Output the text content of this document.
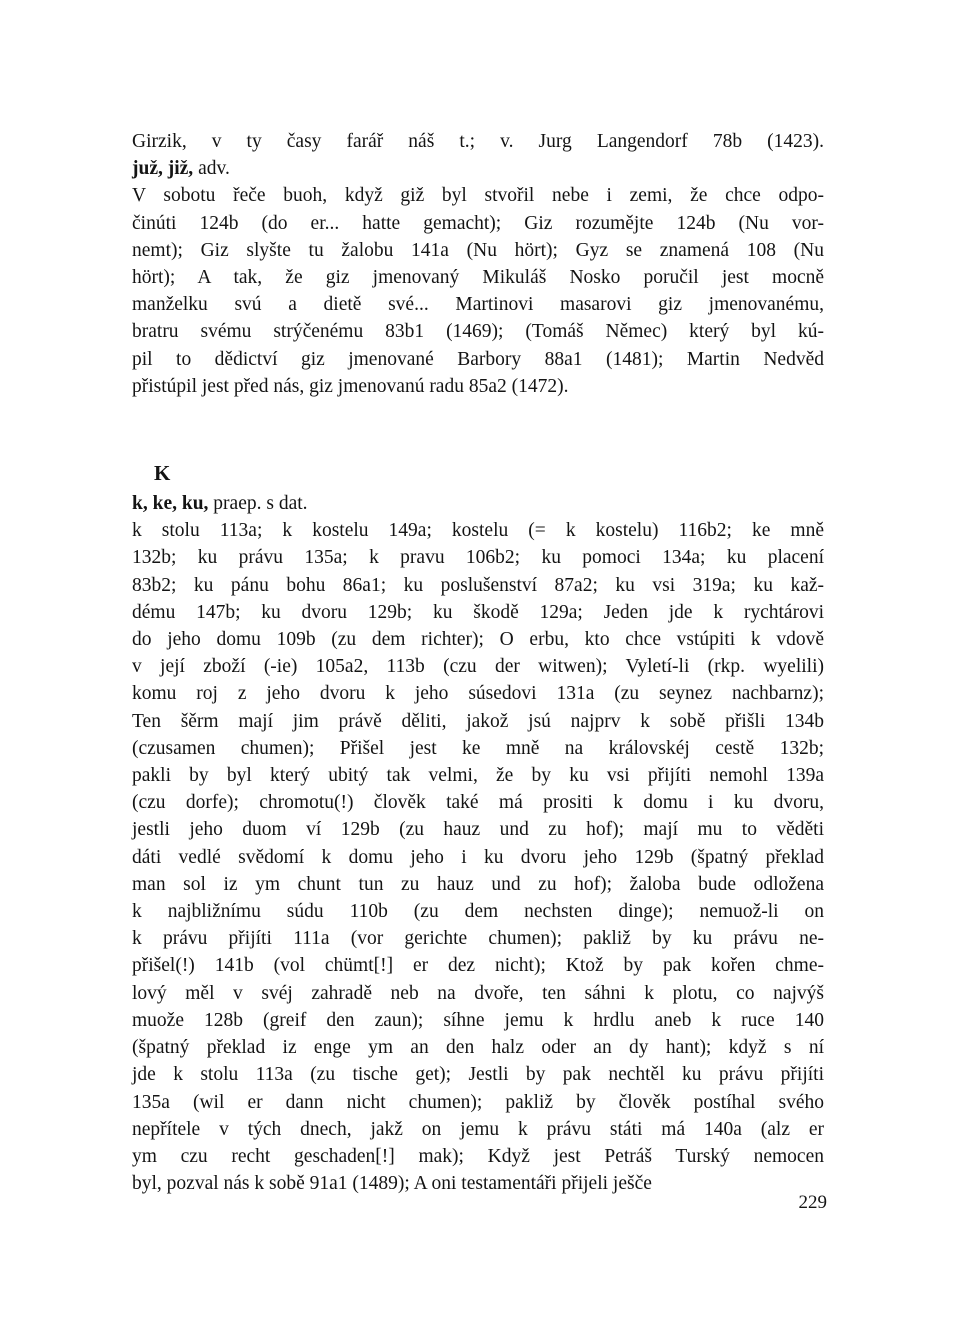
Girzik, v ty časy farář náš t.; v. Jurg Langendorf 78b (1423).

juž, již, adv.

V sobotu řeče buoh, když giž byl stvořil nebe i zemi, že chce odpo-

činúti 124b (do er... hatte gemacht); Giz rozumějte 124b (Nu vor-

nemt); Giz slyšte tu žalobu 141a (Nu hört); Gyz se znamená 108 (Nu

hört); A tak, že giz jmenovaný Mikuláš Nosko poručil jest mocně

manželku svú a dietě své... Martinovi masarovi giz jmenovanému,

bratru svému strýčenému 83b1 (1469); (Tomáš Němec) který byl kú-

pil to dědictví giz jmenované Barbory 88a1 (1481); Martin Nedvěd

přistúpil jest před nás, giz jmenovanú radu 85a2 (1472).

K

k, ke, ku, praep. s dat.

k stolu 113a; k kostelu 149a; kostelu (= k kostelu) 116b2; ke mně

132b; ku právu 135a; k pravu 106b2; ku pomoci 134a; ku placení

83b2; ku pánu bohu 86a1; ku poslušenství 87a2; ku vsi 319a; ku kaž-

dému 147b; ku dvoru 129b; ku škodě 129a; Jeden jde k rychtárovi

do jeho domu 109b (zu dem richter); O erbu, kto chce vstúpiti k vdově

v její zboží (-ie) 105a2, 113b (czu der witwen); Vyletí-li (rkp. wyelili)

komu roj z jeho dvoru k jeho súsedovi 131a (zu seynez nachbarnz);

Ten šěrm mají jim právě děliti, jakož jsú najprv k sobě přišli 134b

(czusamen chumen); Přišel jest ke mně na královskéj cestě 132b;

pakli by byl který ubitý tak velmi, že by ku vsi přijíti nemohl 139a

(czu dorfe); chromotu(!) člověk také má prositi k domu i ku dvoru,

jestli jeho duom ví 129b (zu hauz und zu hof); mají mu to věděti

dáti vedlé svědomí k domu jeho i ku dvoru jeho 129b (špatný překlad

man sol iz ym chunt tun zu hauz und zu hof); žaloba bude odložena

k najbližnímu súdu 110b (zu dem nechsten dinge); nemuož-li on

k právu přijíti 111a (vor gerichte chumen); pakliž by ku právu ne-

přišel(!) 141b (vol chümt[!] er dez nicht); Ktož by pak kořen chme-

lový měl v svéj zahradě neb na dvoře, ten sáhni k plotu, co najvýš

muože 128b (greif den zaun); síhne jemu k hrdlu aneb k ruce 140

(špatný překlad iz enge ym an den halz oder an dy hant); když s ní

jde k stolu 113a (zu tische get); Jestli by pak nechtěl ku právu přijíti

135a (wil er dann nicht chumen); pakliž by člověk postíhal svého

nepřítele v tých dnech, jakž on jemu k právu státi má 140a (alz er

ym czu recht geschaden[!] mak); Když jest Petráš Turský nemocen

byl, pozval nás k sobě 91a1 (1489); A oni testamentáři přijeli ješče

229
